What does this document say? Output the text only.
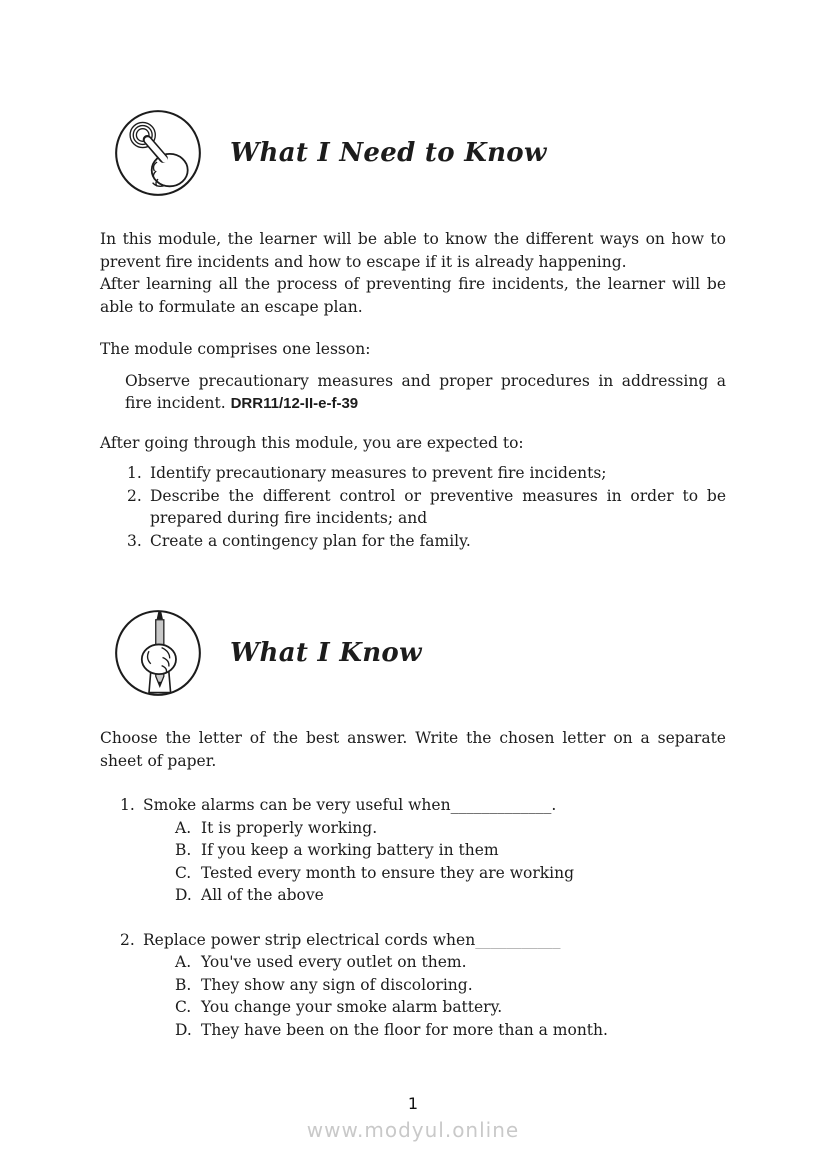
What I Need to Know

In this module, the learner will be able to know the different ways on how to prevent fire incidents and how to escape if it is already happening.

After learning all the process of preventing fire incidents, the learner will be able to formulate an escape plan.

The module comprises one lesson:

Observe precautionary measures and proper procedures in addressing a fire incident. DRR11/12-II-e-f-39

After going through this module, you are expected to:

1. Identify precautionary measures to prevent fire incidents;
2. Describe the different control or preventive measures in order to be prepared during fire incidents; and
3. Create a contingency plan for the family.
What I Know

Choose the letter of the best answer. Write the chosen letter on a separate sheet of paper.

1. Smoke alarms can be very useful when_____________.
A. It is properly working.
B. If you keep a working battery in them
C. Tested every month to ensure they are working
D. All of the above
2. Replace power strip electrical cords when___________
A. You've used every outlet on them.
B. They show any sign of discoloring.
C. You change your smoke alarm battery.
D. They have been on the floor for more than a month.
1
www.modyul.online
